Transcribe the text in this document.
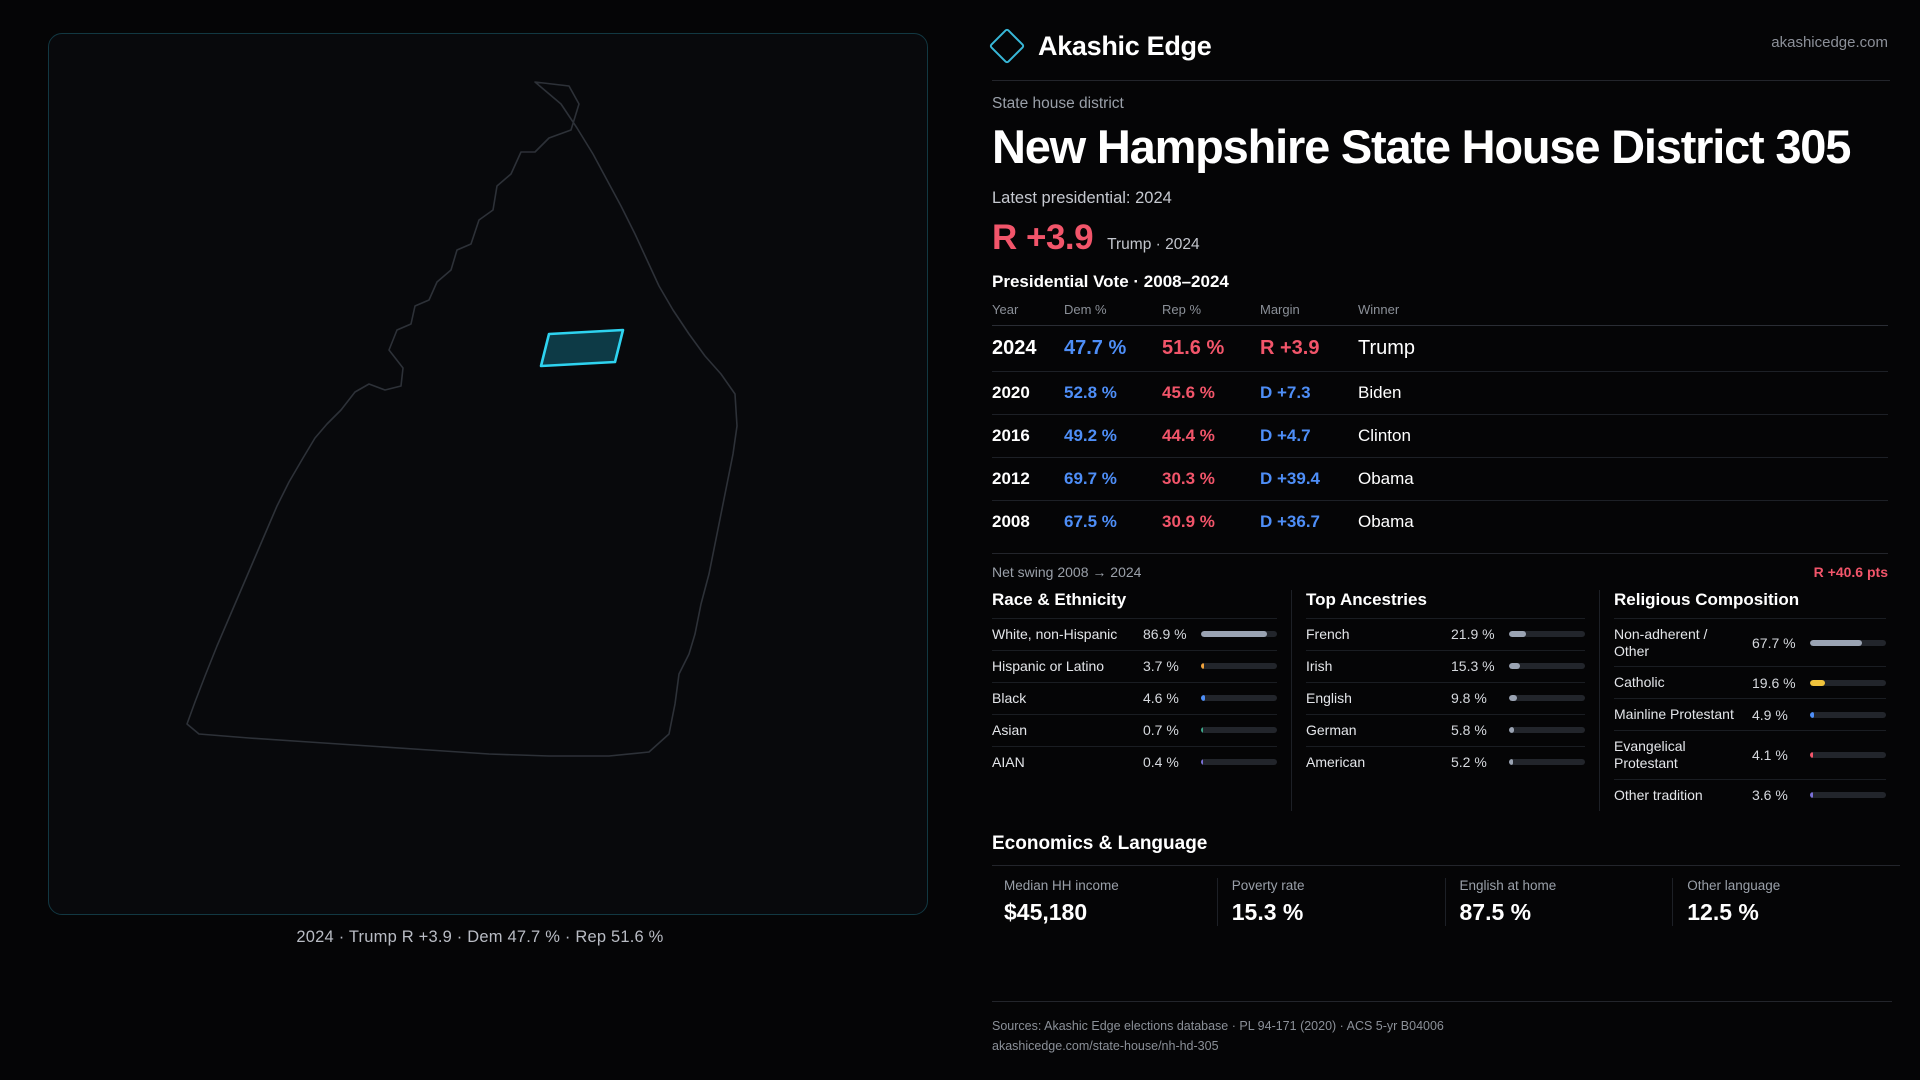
2024 · Trump R +3.9 · Dem 47.7 % · Rep 51.6 %
Akashic Edge	akashicedge.com
State house district
New Hampshire State House District 305
Latest presidential: 2024
R +3.9 Trump · 2024
Presidential Vote · 2008–2024
Year	Dem %	Rep %	Margin	Winner
2024	47.7 %	51.6 %	R +3.9	Trump
2020	52.8 %	45.6 %	D +7.3	Biden
2016	49.2 %	44.4 %	D +4.7	Clinton
2012	69.7 %	30.3 %	D +39.4	Obama
2008	67.5 %	30.9 %	D +36.7	Obama
Net swing 2008 → 2024	R +40.6 pts
Race & Ethnicity
White, non-Hispanic	86.9 %
Hispanic or Latino	3.7 %
Black	4.6 %
Asian	0.7 %
AIAN	0.4 %
Top Ancestries
French	21.9 %
Irish	15.3 %
English	9.8 %
German	5.8 %
American	5.2 %
Religious Composition
Non-adherent / Other	67.7 %
Catholic	19.6 %
Mainline Protestant	4.9 %
Evangelical Protestant	4.1 %
Other tradition	3.6 %
Economics & Language
Median HH income
$45,180
Poverty rate
15.3 %
English at home
87.5 %
Other language
12.5 %
Sources: Akashic Edge elections database · PL 94-171 (2020) · ACS 5-yr B04006
akashicedge.com/state-house/nh-hd-305
